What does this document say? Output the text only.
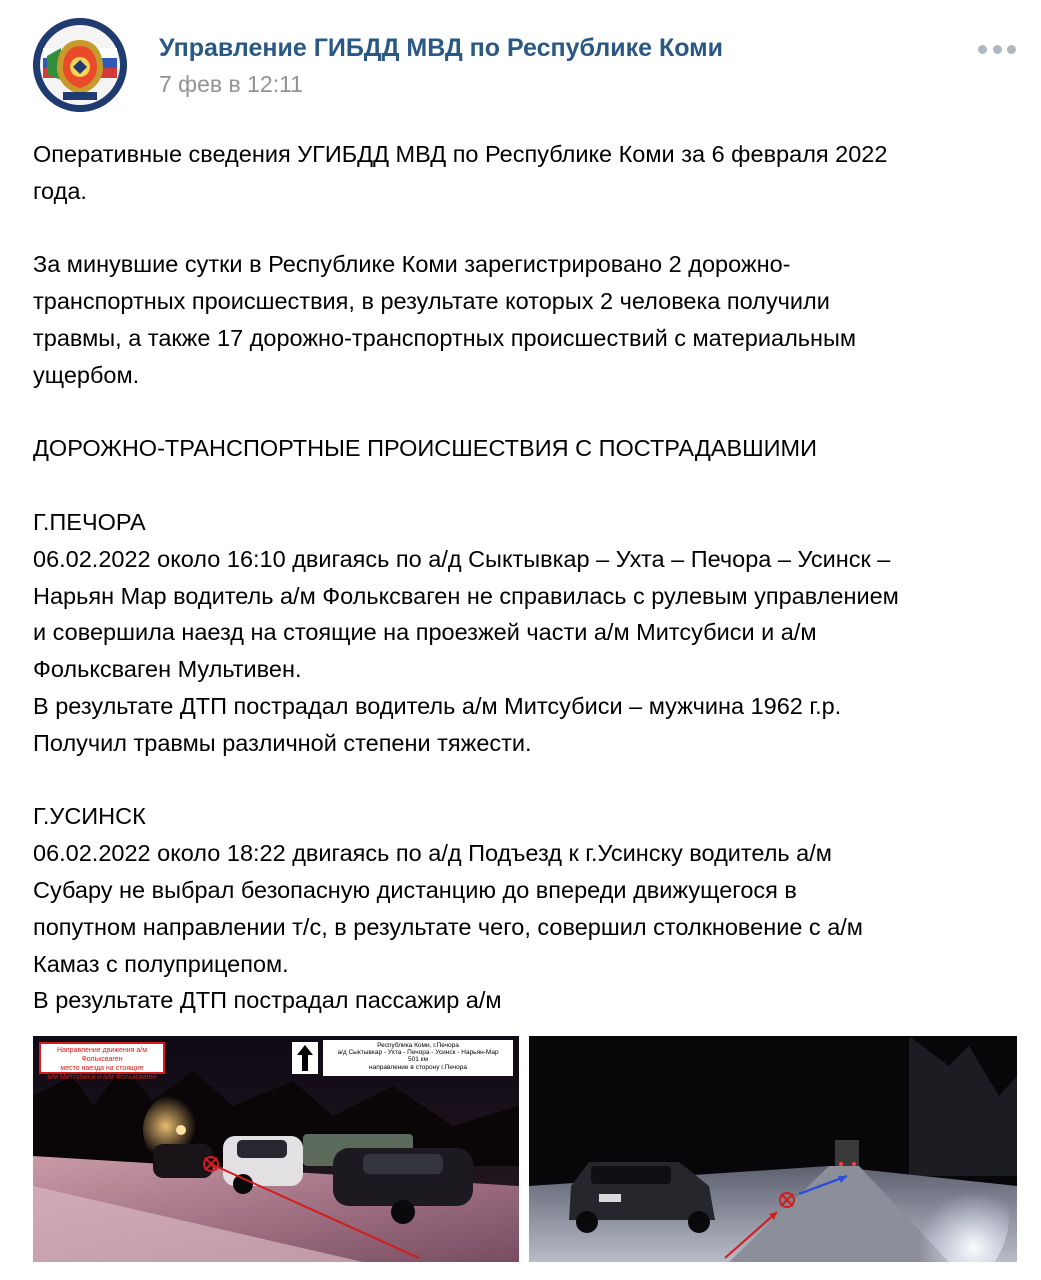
Управление ГИБДД МВД по Республике Коми
7 фев в 12:11

Оперативные сведения УГИБДД МВД по Республике Коми за 6 февраля 2022
года.

За минувшие сутки в Республике Коми зарегистрировано 2 дорожно-
транспортных происшествия, в результате которых 2 человека получили
травмы, а также 17 дорожно-транспортных происшествий с материальным
ущербом.

ДОРОЖНО-ТРАНСПОРТНЫЕ ПРОИСШЕСТВИЯ С ПОСТРАДАВШИМИ

Г.ПЕЧОРА
06.02.2022 около 16:10 двигаясь по а/д Сыктывкар – Ухта – Печора – Усинск –
Нарьян Мар водитель а/м Фольксваген не справилась с рулевым управлением
и совершила наезд на стоящие на проезжей части а/м Митсубиси и а/м
Фольксваген Мультивен.
В результате ДТП пострадал водитель а/м Митсубиси – мужчина 1962 г.р.
Получил травмы различной степени тяжести.

Г.УСИНСК
06.02.2022 около 18:22 двигаясь по а/д Подъезд к г.Усинску водитель а/м
Субару не выбрал безопасную дистанцию до впереди движущегося в
попутном направлении т/с, в результате чего, совершил столкновение с а/м
Камаз с полуприцепом.
В результате ДТП пострадал пассажир а/м

Направление движения а/м Фольксваген
место наезда на стоящие
а/м Митсубиси и а/м Фольксваген
Республика Коми, г.Печора
а/д Сыктывкар - Ухта - Печора - Усинск - Нарьян-Мар
501 км
направление в сторону г.Печора
